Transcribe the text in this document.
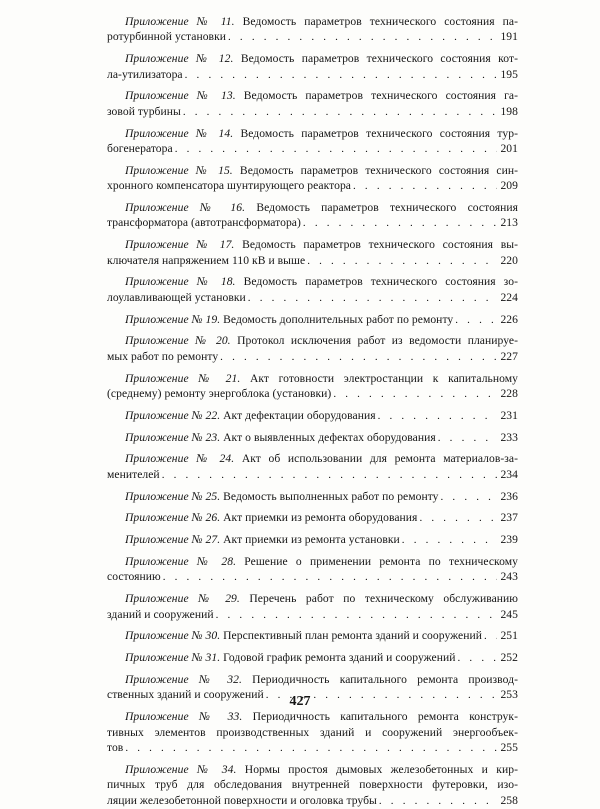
Приложение № 11. Ведомость параметров технического состояния па-
ротурбинной установки . . .	191
Приложение № 12. Ведомость параметров технического состояния кот-
ла-утилизатора . . .	195
Приложение № 13. Ведомость параметров технического состояния га-
зовой турбины . . .	198
Приложение № 14. Ведомость параметров технического состояния тур-
богенератора . . .	201
Приложение № 15. Ведомость параметров технического состояния син-
хронного компенсатора шунтирующего реактора . . .	209
Приложение № 16. Ведомость параметров технического состояния
трансформатора (автотрансформатора) . . .	213
Приложение № 17. Ведомость параметров технического состояния вы-
ключателя напряжением 110 кВ и выше . . .	220
Приложение № 18. Ведомость параметров технического состояния зо-
лоулавливающей установки . . .	224
Приложение № 19. Ведомость дополнительных работ по ремонту . . .	226
Приложение № 20. Протокол исключения работ из ведомости планируе-
мых работ по ремонту . . .	227
Приложение № 21. Акт готовности электростанции к капитальному
(среднему) ремонту энергоблока (установки) . . .	228
Приложение № 22. Акт дефектации оборудования . . .	231
Приложение № 23. Акт о выявленных дефектах оборудования . . .	233
Приложение № 24. Акт об использовании для ремонта материалов-за-
менителей . . .	234
Приложение № 25. Ведомость выполненных работ по ремонту . . .	236
Приложение № 26. Акт приемки из ремонта оборудования . . .	237
Приложение № 27. Акт приемки из ремонта установки . . .	239
Приложение № 28. Решение о применении ремонта по техническому
состоянию . . .	243
Приложение № 29. Перечень работ по техническому обслуживанию
зданий и сооружений . . .	245
Приложение № 30. Перспективный план ремонта зданий и сооружений . . . 251
Приложение № 31. Годовой график ремонта зданий и сооружений . . .	252
Приложение № 32. Периодичность капитального ремонта производ-
ственных зданий и сооружений . . .	253
Приложение № 33. Периодичность капитального ремонта конструк-
тивных элементов производственных зданий и сооружений энергообъек-
тов . . .	255
Приложение № 34. Нормы простоя дымовых железобетонных и кир-
пичных труб для обследования внутренней поверхности футеровки, изо-
ляции железобетонной поверхности и оголовка трубы . . .	258
427
